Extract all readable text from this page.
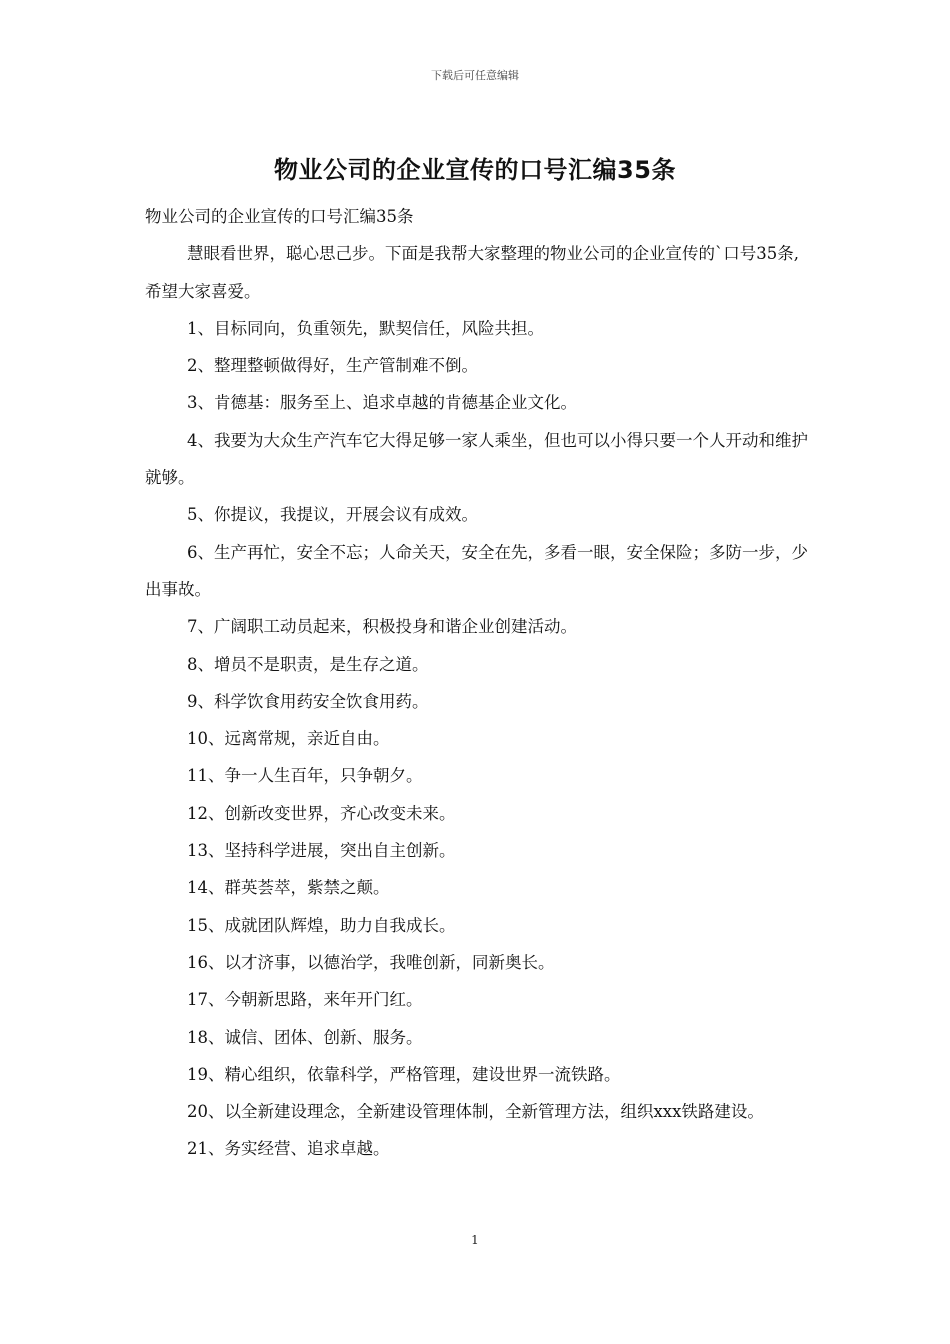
下载后可任意编辑
物业公司的企业宣传的口号汇编35条

物业公司的企业宣传的口号汇编35条

慧眼看世界，聪心思己步。下面是我帮大家整理的物业公司的企业宣传的`口号35条,希望大家喜爱。

1、目标同向，负重领先，默契信任，风险共担。

2、整理整顿做得好，生产管制难不倒。

3、肯德基：服务至上、追求卓越的肯德基企业文化。

4、我要为大众生产汽车它大得足够一家人乘坐，但也可以小得只要一个人开动和维护就够。

5、你提议，我提议，开展会议有成效。

6、生产再忙，安全不忘；人命关天，安全在先，多看一眼，安全保险；多防一步，少出事故。

7、广阔职工动员起来，积极投身和谐企业创建活动。

8、增员不是职责，是生存之道。

9、科学饮食用药安全饮食用药。

10、远离常规，亲近自由。

11、争一人生百年，只争朝夕。

12、创新改变世界，齐心改变未来。

13、坚持科学进展，突出自主创新。

14、群英荟萃，紫禁之颠。

15、成就团队辉煌，助力自我成长。

16、以才济事，以德治学，我唯创新，同新奥长。

17、今朝新思路，来年开门红。

18、诚信、团体、创新、服务。

19、精心组织，依靠科学，严格管理，建设世界一流铁路。

20、以全新建设理念，全新建设管理体制，全新管理方法，组织xxx铁路建设。

21、务实经营、追求卓越。

1
